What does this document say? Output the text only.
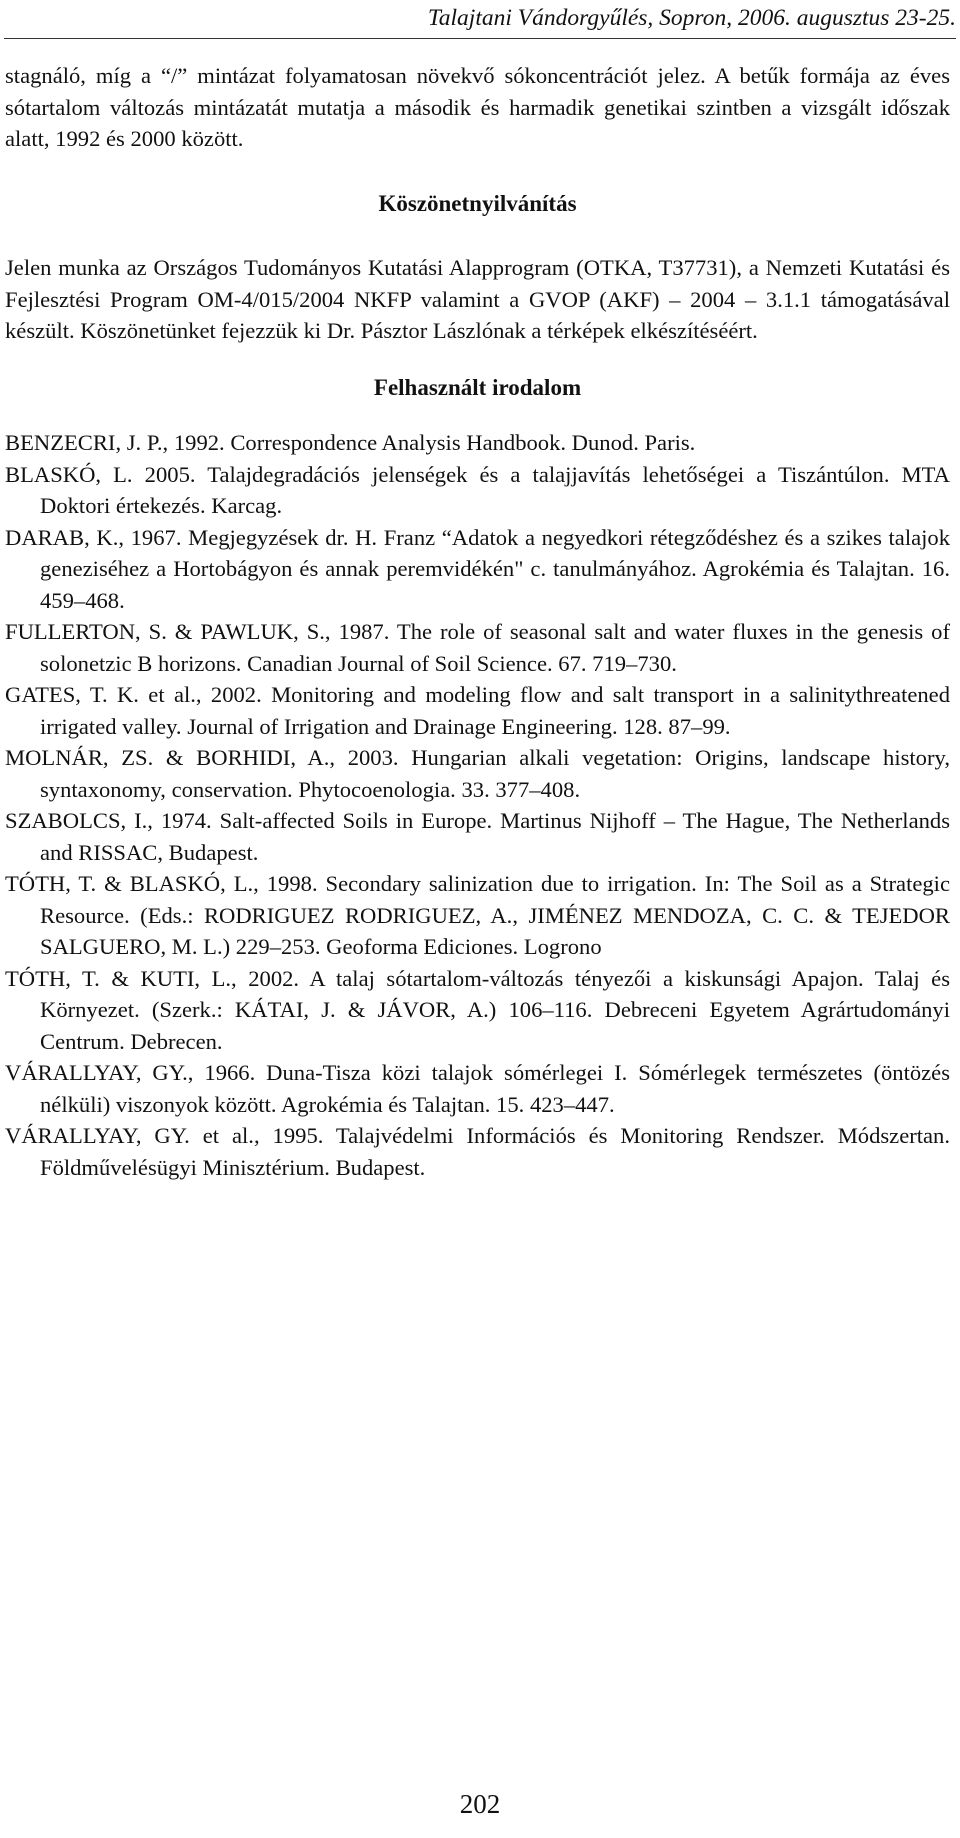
Talajtani Vándorgyűlés, Sopron, 2006. augusztus 23-25.

stagnáló, míg a “/” mintázat folyamatosan növekvő sókoncentrációt jelez. A betűk formája az éves sótartalom változás mintázatát mutatja a második és harmadik genetikai szintben a vizsgált időszak alatt, 1992 és 2000 között.

Köszönetnyilvánítás

Jelen munka az Országos Tudományos Kutatási Alapprogram (OTKA, T37731), a Nemzeti Kutatási és Fejlesztési Program OM-4/015/2004 NKFP valamint a GVOP (AKF) – 2004 – 3.1.1 támogatásával készült. Köszönetünket fejezzük ki Dr. Pásztor Lászlónak a térképek elkészítéséért.

Felhasznált irodalom
BENZECRI, J. P., 1992. Correspondence Analysis Handbook. Dunod. Paris.
BLASKÓ, L. 2005. Talajdegradációs jelenségek és a talajjavítás lehetőségei a Tiszántúlon. MTA Doktori értekezés. Karcag.
DARAB, K., 1967. Megjegyzések dr. H. Franz “Adatok a negyedkori rétegződéshez és a szikes talajok geneziséhez a Hortobágyon és annak peremvidékén" c. tanulmányához. Agrokémia és Talajtan. 16. 459–468.
FULLERTON, S. & PAWLUK, S., 1987. The role of seasonal salt and water fluxes in the genesis of solonetzic B horizons. Canadian Journal of Soil Science. 67. 719–730.
GATES, T. K. et al., 2002. Monitoring and modeling flow and salt transport in a salinitythreatened irrigated valley. Journal of Irrigation and Drainage Engineering. 128. 87–99.
MOLNÁR, ZS. & BORHIDI, A., 2003. Hungarian alkali vegetation: Origins, landscape history, syntaxonomy, conservation. Phytocoenologia. 33. 377–408.
SZABOLCS, I., 1974. Salt-affected Soils in Europe. Martinus Nijhoff – The Hague, The Netherlands and RISSAC, Budapest.
TÓTH, T. & BLASKÓ, L., 1998. Secondary salinization due to irrigation. In: The Soil as a Strategic Resource. (Eds.: RODRIGUEZ RODRIGUEZ, A., JIMÉNEZ MENDOZA, C. C. & TEJEDOR SALGUERO, M. L.) 229–253. Geoforma Ediciones. Logrono
TÓTH, T. & KUTI, L., 2002. A talaj sótartalom-változás tényezői a kiskunsági Apajon. Talaj és Környezet. (Szerk.: KÁTAI, J. & JÁVOR, A.) 106–116. Debreceni Egyetem Agrártudományi Centrum. Debrecen.
VÁRALLYAY, GY., 1966. Duna-Tisza közi talajok sómérlegei I. Sómérlegek természetes (öntözés nélküli) viszonyok között. Agrokémia és Talajtan. 15. 423–447.
VÁRALLYAY, GY. et al., 1995. Talajvédelmi Információs és Monitoring Rendszer. Módszertan. Földművelésügyi Minisztérium. Budapest.
202
